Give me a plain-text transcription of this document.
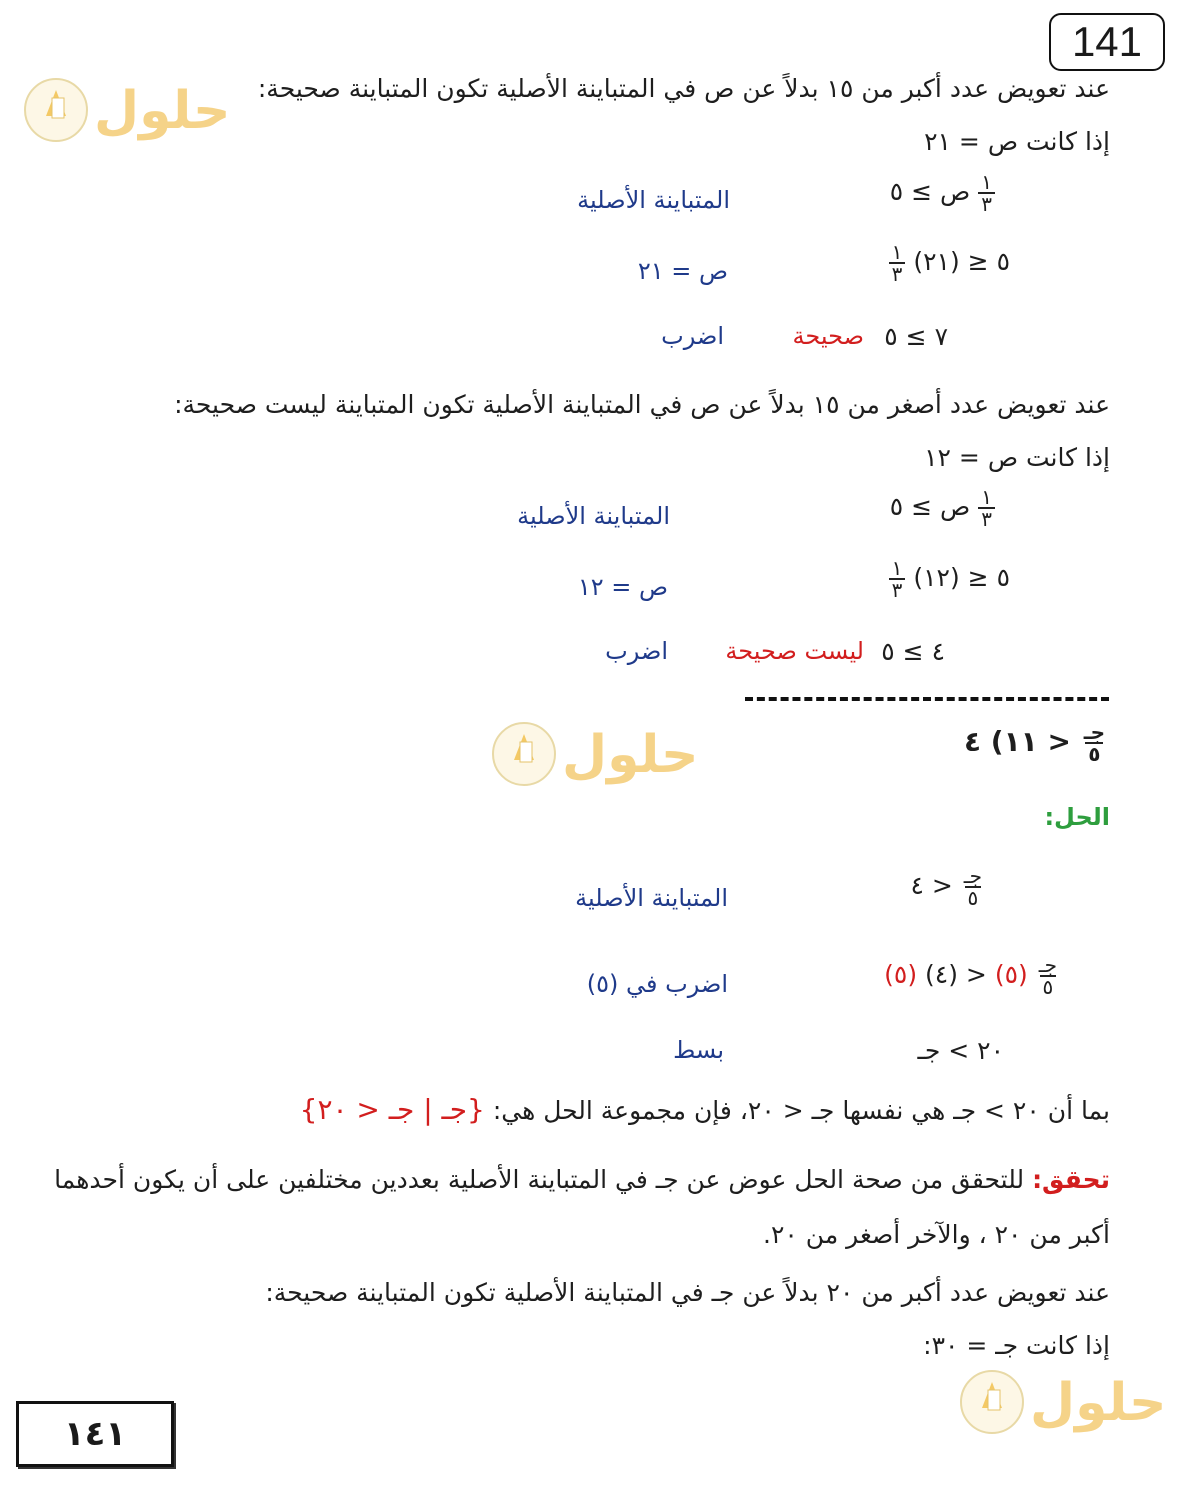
141
حلول
حلول
حلول
عند تعويض عدد أكبر من ١٥ بدلاً عن ص في المتباينة الأصلية تكون المتباينة صحيحة:
إذا كانت ص = ٢١
$\frac{١}{٣}$
ص ≥ ٥
المتباينة الأصلية
$\frac{١}{٣}$ (٢١) ≥ ٥
ص = ٢١
٧ ≥ ٥
صحيحة
اضرب
عند تعويض عدد أصغر من ١٥ بدلاً عن ص في المتباينة الأصلية تكون المتباينة ليست صحيحة:
إذا كانت ص = ١٢
$\frac{١}{٣}$
ص ≥ ٥
المتباينة الأصلية
$\frac{١}{٣}$ (١٢) ≥ ٥
ص = ١٢
٤ ≥ ٥
ليست صحيحة
اضرب
١١) ٤ > $\frac{\text{جـ}}{٥}$
الحل:
٤ > $\frac{\text{جـ}}{٥}$
المتباينة الأصلية
(٥) (٤) > (٥) $\frac{\text{جـ}}{٥}$
اضرب في (٥)
٢٠ > جـ
بسط
بما أن ٢٠ > جـ هي نفسها جـ < ٢٠، فإن مجموعة الحل هي: {جـ | جـ < ٢٠}
تحقق: للتحقق من صحة الحل عوض عن جـ في المتباينة الأصلية بعددين مختلفين على أن يكون أحدهما
أكبر من ٢٠ ، والآخر أصغر من ٢٠.
عند تعويض عدد أكبر من ٢٠ بدلاً عن جـ في المتباينة الأصلية تكون المتباينة صحيحة:
إذا كانت جـ = ٣٠:
١٤١
